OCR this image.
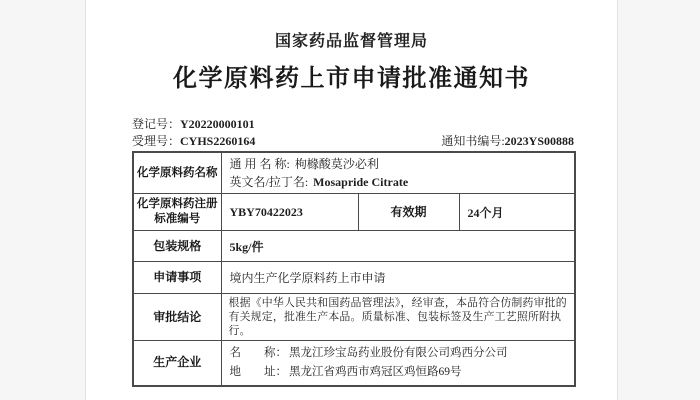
国家药品监督管理局
化学原料药上市申请批准通知书
登记号：Y20220000101
受理号：CYHS2260164	通知书编号:2023YS00888
化学原料药名称	通 用 名 称: 枸橼酸莫沙必利
英文名/拉丁名: Mosapride Citrate		

化学原料药注册标准编号	YBY70422023	有效期	24个月
包装规格	5kg/件		
申请事项	境内生产化学原料药上市申请		
审批结论	根据《中华人民共和国药品管理法》，经审查，本品符合仿制药审批的有关规定，批准生产本品。质量标准、包装标签及生产工艺照所附执行。		
生产企业	名　　称： 黑龙江珍宝岛药业股份有限公司鸡西分公司
地　　址： 黑龙江省鸡西市鸡冠区鸡恒路69号		
